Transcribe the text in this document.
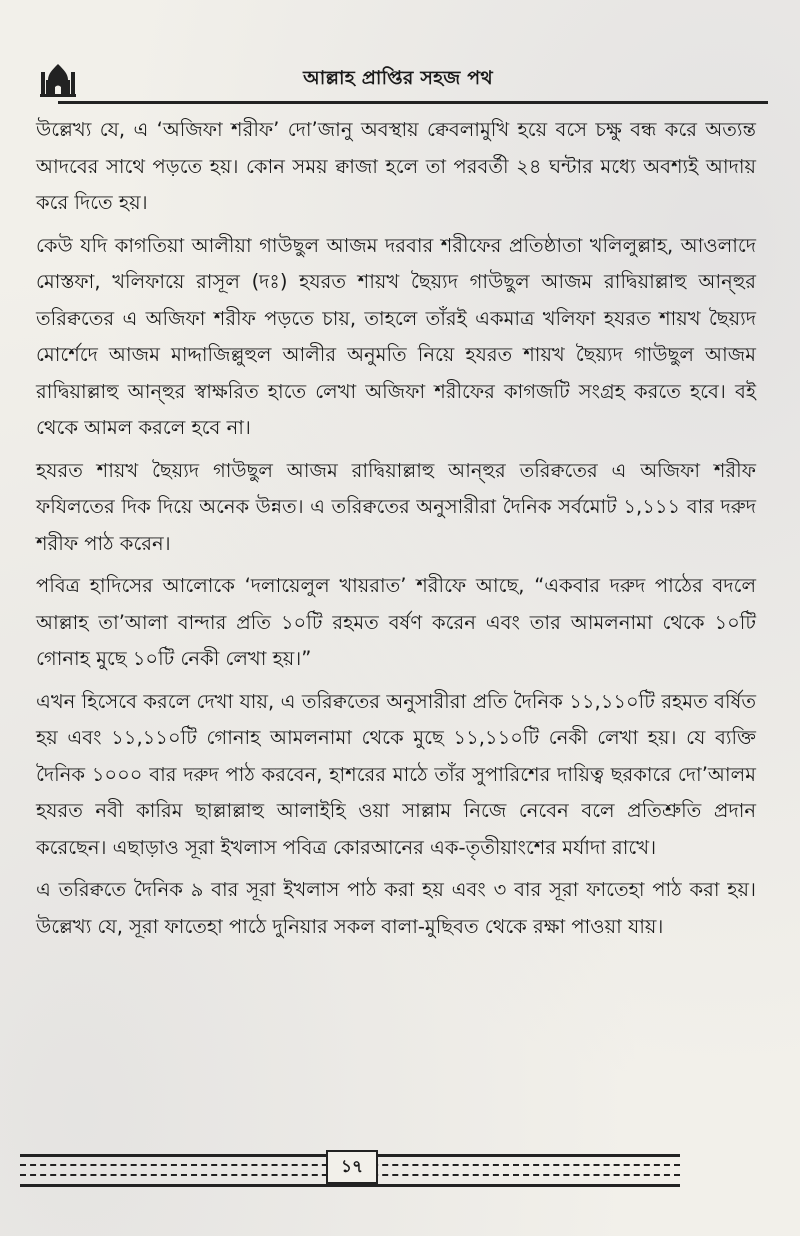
আল্লাহ প্রাপ্তির সহজ পথ

উল্লেখ্য যে, এ ‘অজিফা শরীফ’ দো’জানু অবস্থায় ক্বেবলামুখি হয়ে বসে চক্ষু বন্ধ করে অত্যন্ত আদবের সাথে পড়তে হয়। কোন সময় ক্বাজা হলে তা পরবর্তী ২৪ ঘন্টার মধ্যে অবশ্যই আদায় করে দিতে হয়।

কেউ যদি কাগতিয়া আলীয়া গাউছুল আজম দরবার শরীফের প্রতিষ্ঠাতা খলিলুল্লাহ, আওলাদে মোস্তফা, খলিফায়ে রাসূল (দঃ) হযরত শায়খ ছৈয়্যদ গাউছুল আজম রাদ্বিয়াল্লাহু আন্হুর তরিক্বতের এ অজিফা শরীফ পড়তে চায়, তাহলে তাঁরই একমাত্র খলিফা হযরত শায়খ ছৈয়্যদ মোর্শেদে আজম মাদ্দাজিল্লুহুল আলীর অনুমতি নিয়ে হযরত শায়খ ছৈয়্যদ গাউছুল আজম রাদ্বিয়াল্লাহু আন্হুর স্বাক্ষরিত হাতে লেখা অজিফা শরীফের কাগজটি সংগ্রহ করতে হবে। বই থেকে আমল করলে হবে না।

হযরত শায়খ ছৈয়্যদ গাউছুল আজম রাদ্বিয়াল্লাহু আন্হুর তরিক্বতের এ অজিফা শরীফ ফযিলতের দিক দিয়ে অনেক উন্নত। এ তরিক্বতের অনুসারীরা দৈনিক সর্বমোট ১,১১১ বার দরুদ শরীফ পাঠ করেন।

পবিত্র হাদিসের আলোকে ‘দলায়েলুল খায়রাত’ শরীফে আছে, “একবার দরুদ পাঠের বদলে আল্লাহ তা’আলা বান্দার প্রতি ১০টি রহমত বর্ষণ করেন এবং তার আমলনামা থেকে ১০টি গোনাহ মুছে ১০টি নেকী লেখা হয়।”

এখন হিসেবে করলে দেখা যায়, এ তরিক্বতের অনুসারীরা প্রতি দৈনিক ১১,১১০টি রহমত বর্ষিত হয় এবং ১১,১১০টি গোনাহ আমলনামা থেকে মুছে ১১,১১০টি নেকী লেখা হয়। যে ব্যক্তি দৈনিক ১০০০ বার দরুদ পাঠ করবেন, হাশরের মাঠে তাঁর সুপারিশের দায়িত্ব ছরকারে দো’আলম হযরত নবী কারিম ছাল্লাল্লাহু আলাইহি ওয়া সাল্লাম নিজে নেবেন বলে প্রতিশ্রুতি প্রদান করেছেন। এছাড়াও সূরা ইখলাস পবিত্র কোরআনের এক-তৃতীয়াংশের মর্যাদা রাখে।

এ তরিক্বতে দৈনিক ৯ বার সূরা ইখলাস পাঠ করা হয় এবং ৩ বার সূরা ফাতেহা পাঠ করা হয়। উল্লেখ্য যে, সূরা ফাতেহা পাঠে দুনিয়ার সকল বালা-মুছিবত থেকে রক্ষা পাওয়া যায়।

১৭
